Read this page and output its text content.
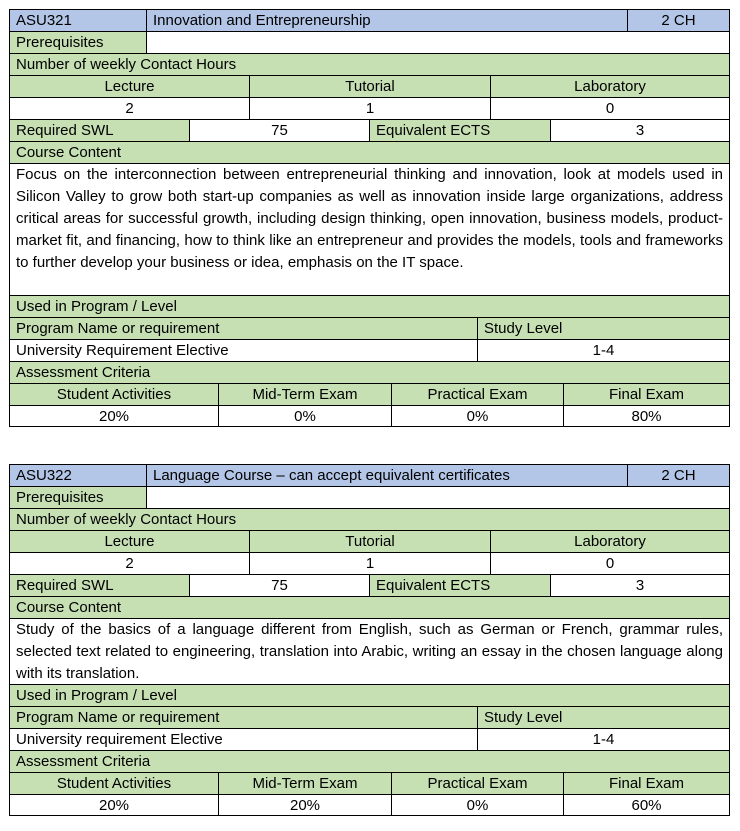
ASU321	Innovation and Entrepreneurship	2 CH
Prerequisites
Number of weekly Contact Hours
Lecture	Tutorial	Laboratory
2	1	0
Required SWL	75	Equivalent ECTS	3
Course Content

Focus on the interconnection between entrepreneurial thinking and innovation, look at models used in Silicon Valley to grow both start-up companies as well as innovation inside large organizations, address critical areas for successful growth, including design thinking, open innovation, business models, product-market fit, and financing, how to think like an entrepreneur and provides the models, tools and frameworks to further develop your business or idea, emphasis on the IT space.

Used in Program / Level
Program Name or requirement	Study Level
University Requirement Elective	1-4
Assessment Criteria
Student Activities	Mid-Term Exam	Practical Exam	Final Exam
20%	0%	0%	80%
ASU322	Language Course – can accept equivalent certificates	2 CH
Prerequisites
Number of weekly Contact Hours
Lecture	Tutorial	Laboratory
2	1	0
Required SWL	75	Equivalent ECTS	3
Course Content

Study of the basics of a language different from English, such as German or French, grammar rules, selected text related to engineering, translation into Arabic, writing an essay in the chosen language along with its translation.

Used in Program / Level
Program Name or requirement	Study Level
University requirement Elective	1-4
Assessment Criteria
Student Activities	Mid-Term Exam	Practical Exam	Final Exam
20%	20%	0%	60%
